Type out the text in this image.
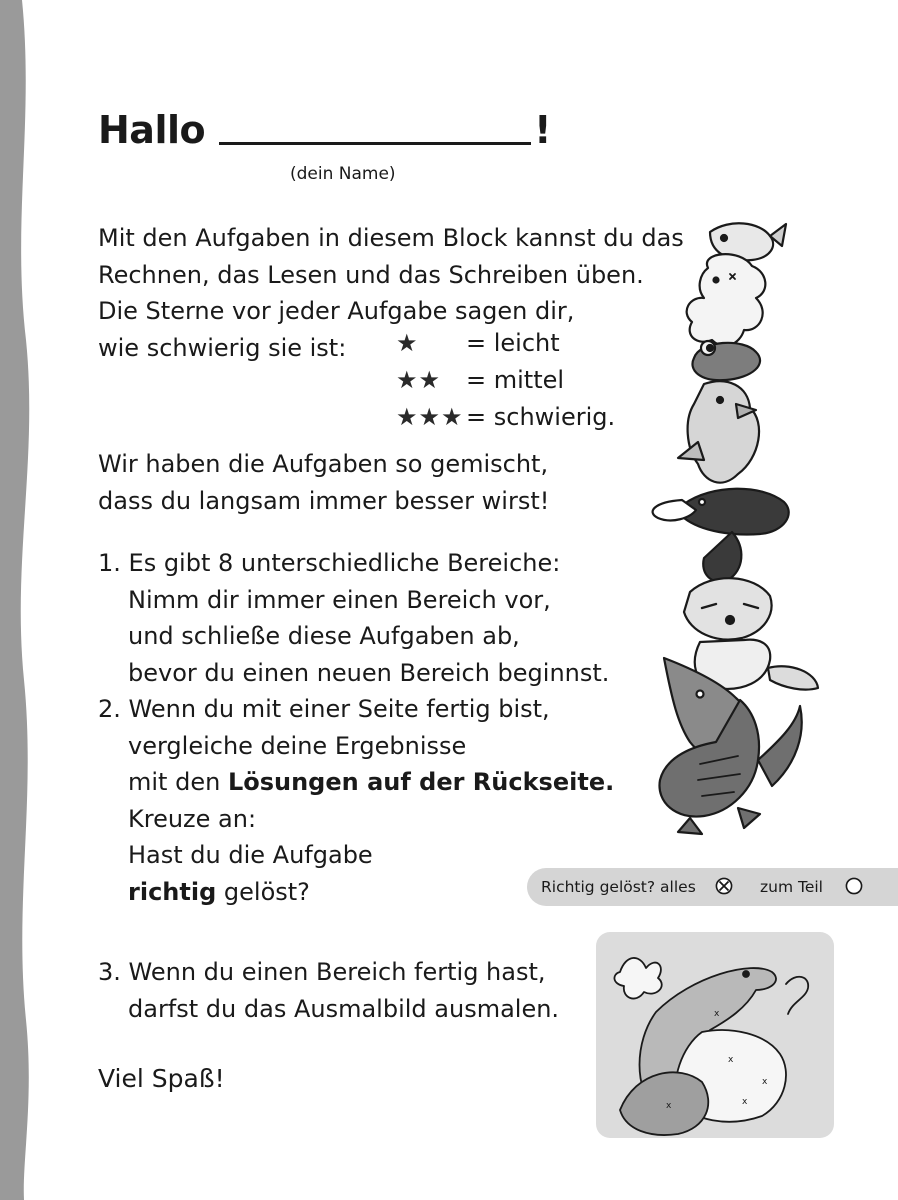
Hallo	!
(dein Name)
Mit den Aufgaben in diesem Block kannst du das
Rechnen, das Lesen und das Schreiben üben.
Die Sterne vor jeder Aufgabe sagen dir,
wie schwierig sie ist:	★ = leicht
★★ = mittel
★★★ = schwierig.
Wir haben die Aufgaben so gemischt,
dass du langsam immer besser wirst!
1. Es gibt 8 unterschiedliche Bereiche:
Nimm dir immer einen Bereich vor,
und schließe diese Aufgaben ab,
bevor du einen neuen Bereich beginnst.
2. Wenn du mit einer Seite fertig bist,
vergleiche deine Ergebnisse
mit den Lösungen auf der Rückseite.
Kreuze an:
Hast du die Aufgabe
richtig gelöst?	Richtig gelöst? alles	zum Teil
3. Wenn du einen Bereich fertig hast,
darfst du das Ausmalbild ausmalen.
Viel Spaß!
x
x
x
x
x
